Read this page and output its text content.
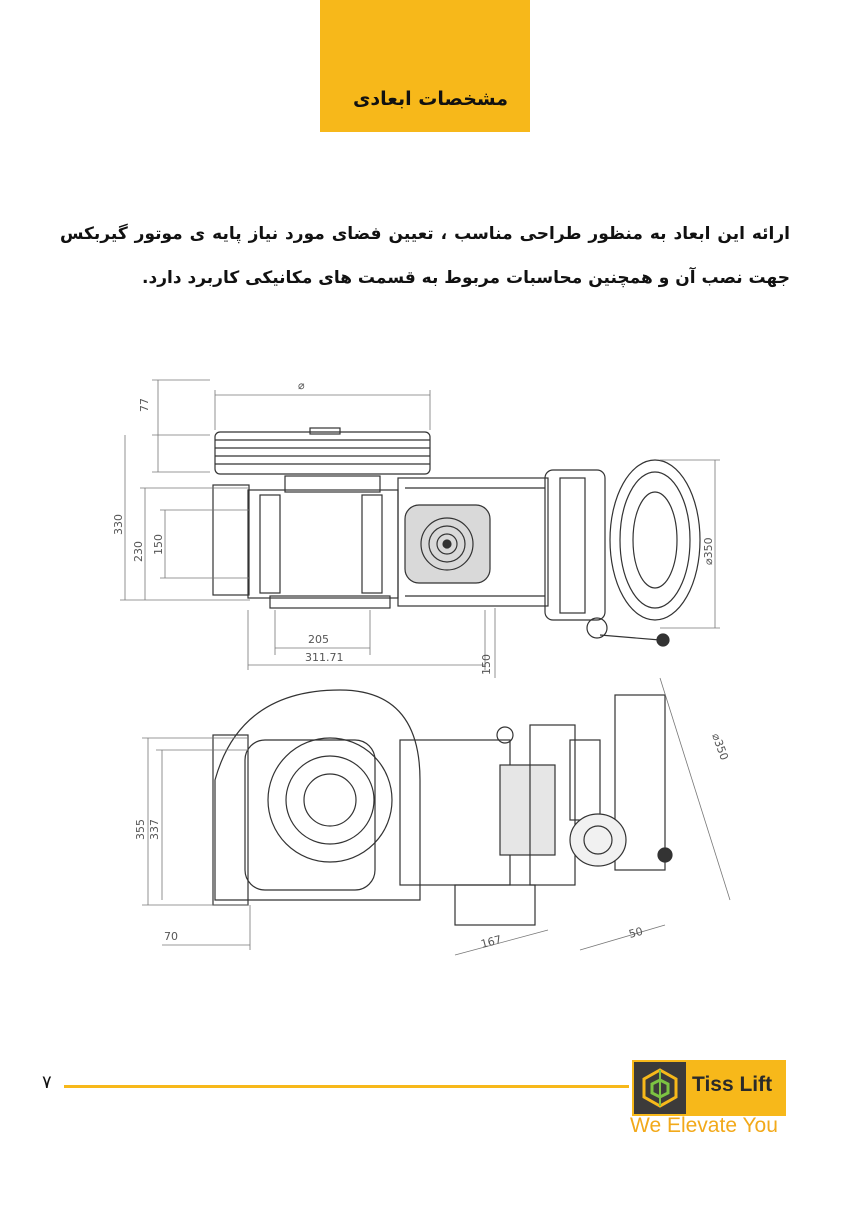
مشخصات ابعادی
ارائه این ابعاد به منظور طراحی مناسب ، تعیین فضای مورد نیاز پایه ی موتور گیربکس جهت نصب آن و همچنین محاسبات مربوط به قسمت های مکانیکی کاربرد دارد.
⌀
77
330
230 150
205
311.71	150
⌀350
355 337
70	167
50
⌀350
۷	Tiss Lift
We Elevate You
